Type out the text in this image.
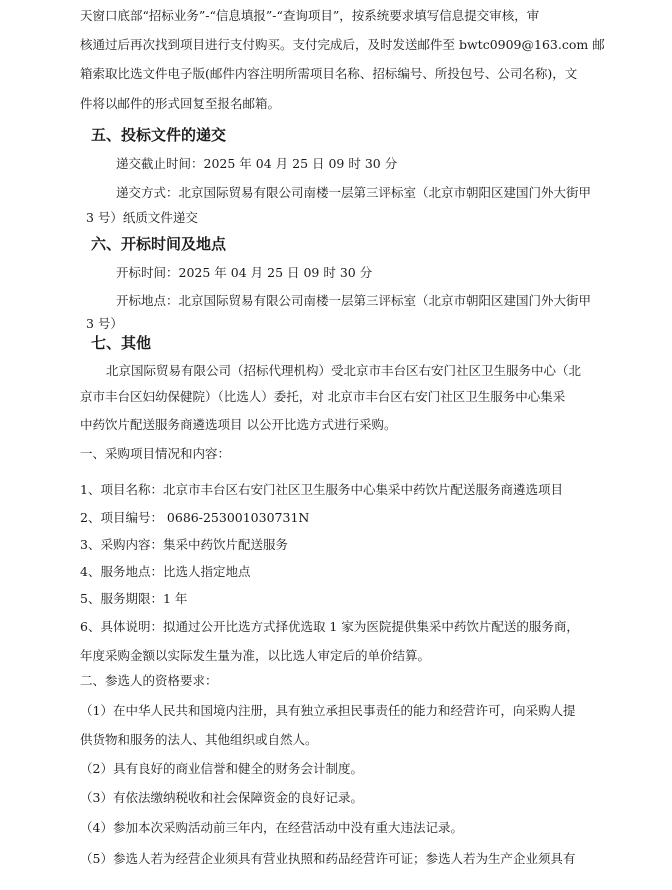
天窗口底部“招标业务”-“信息填报”-“查询项目”，按系统要求填写信息提交审核，审
核通过后再次找到项目进行支付购买。支付完成后，及时发送邮件至 bwtc0909@163.com 邮
箱索取比选文件电子版(邮件内容注明所需项目名称、招标编号、所投包号、公司名称)，文
件将以邮件的形式回复至报名邮箱。
五、投标文件的递交
递交截止时间：2025 年 04 月 25 日 09 时 30 分
递交方式：北京国际贸易有限公司南楼一层第三评标室（北京市朝阳区建国门外大街甲
3 号）纸质文件递交
六、开标时间及地点
开标时间：2025 年 04 月 25 日 09 时 30 分
开标地点：北京国际贸易有限公司南楼一层第三评标室（北京市朝阳区建国门外大街甲
3 号）
七、其他
北京国际贸易有限公司（招标代理机构）受北京市丰台区右安门社区卫生服务中心（北
京市丰台区妇幼保健院）（比选人）委托，对 北京市丰台区右安门社区卫生服务中心集采
中药饮片配送服务商遴选项目 以公开比选方式进行采购。
一、采购项目情况和内容：
1、项目名称：北京市丰台区右安门社区卫生服务中心集采中药饮片配送服务商遴选项目
2、项目编号： 0686-253001030731N
3、采购内容：集采中药饮片配送服务
4、服务地点：比选人指定地点
5、服务期限：1 年
6、具体说明：拟通过公开比选方式择优选取 1 家为医院提供集采中药饮片配送的服务商，
年度采购金额以实际发生量为准，以比选人审定后的单价结算。
二、参选人的资格要求：
（1）在中华人民共和国境内注册，具有独立承担民事责任的能力和经营许可，向采购人提
供货物和服务的法人、其他组织或自然人。
（2）具有良好的商业信誉和健全的财务会计制度。
（3）有依法缴纳税收和社会保障资金的良好记录。
（4）参加本次采购活动前三年内，在经营活动中没有重大违法记录。
（5）参选人若为经营企业须具有营业执照和药品经营许可证；参选人若为生产企业须具有
